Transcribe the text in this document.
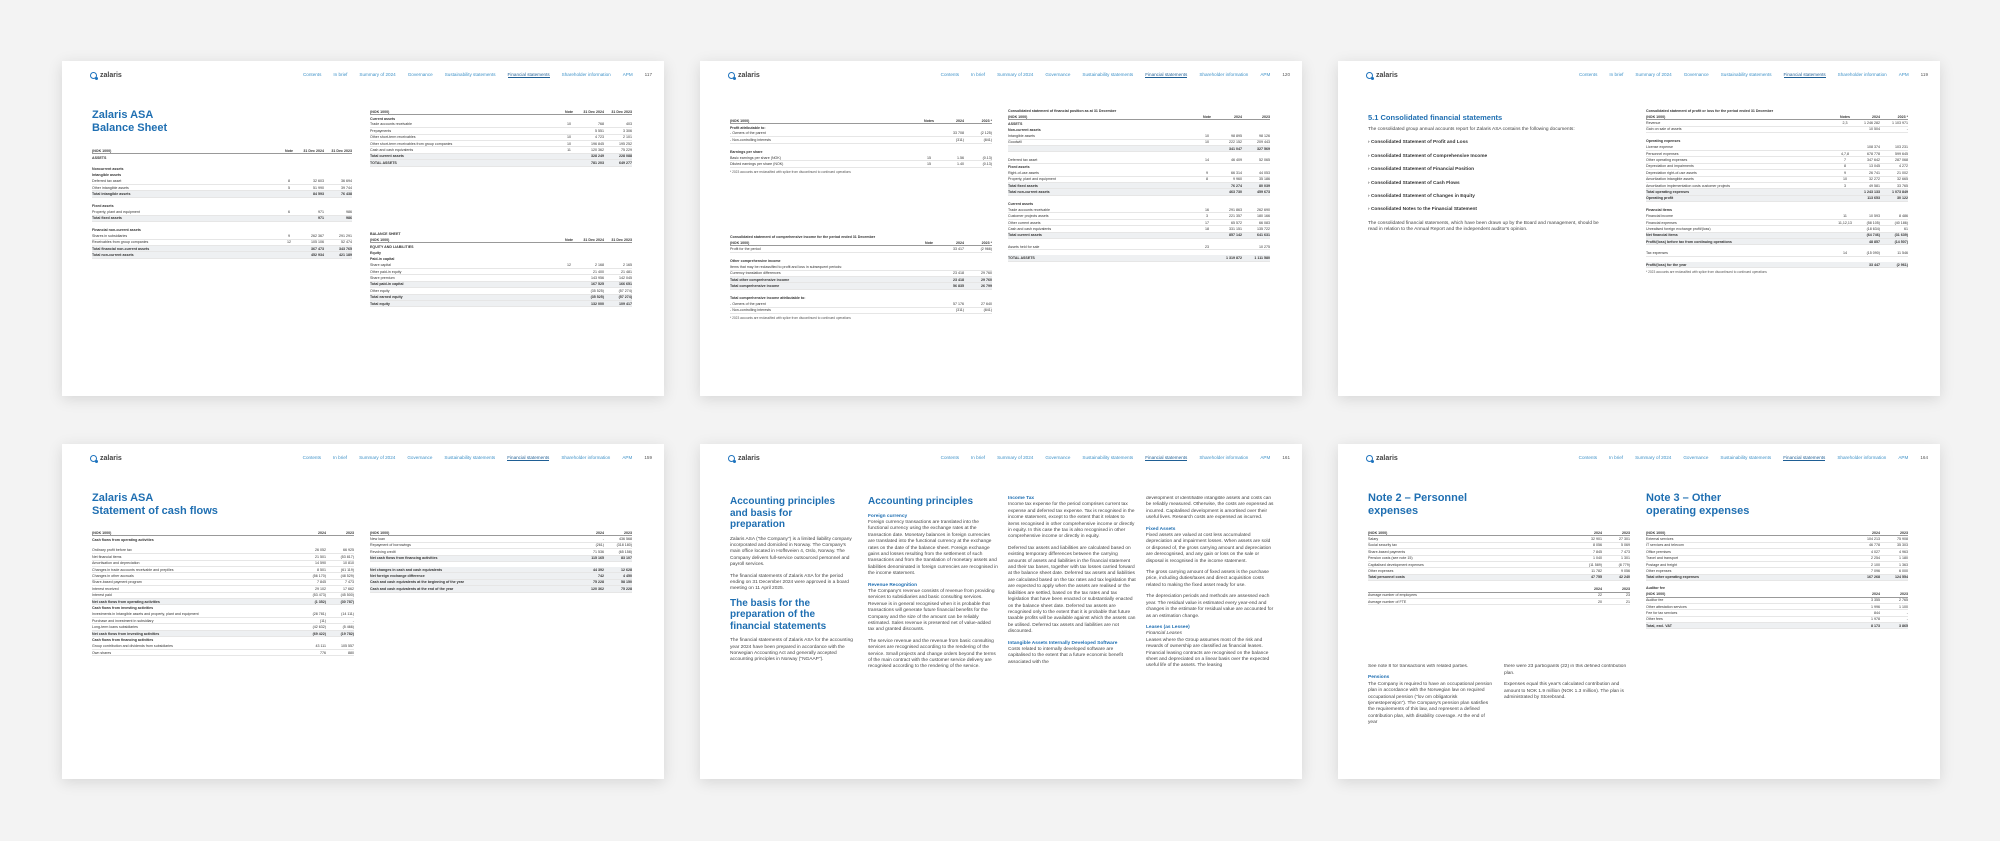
zalaris	Contents	In brief	Summary of 2024	Governance	Sustainability statements	Financial statements	Shareholder information	APM	117
Zalaris ASA
Balance Sheet
(NOK 1000)	Note	31 Dec 2024	31 Dec 2023
ASSETS
Noncurrent assets
Intangible assets
Deferred tax asset	8	32 603	36 694
Other intangible assets	5	51 990	39 744
Total intangible assets	84 593	76 438
Fixed assets
Property, plant and equipment	6	971	986
Total fixed assets	971	986
Financial non-current assets
Shares in subsidiaries	9	262 367	291 291
Receivables from group companies	12	105 106	52 474
Total financial non-current assets	367 473	343 765
Total non-current assets	452 934	421 189
(NOK 1000)	Note	31 Dec 2024	31 Dec 2023
Current assets
Trade accounts receivable	10	768	403
Prepayments	5 551	3 306
Other short-term receivables	10	4 723	2 101
Other short-term receivables from group companies	10	196 845	195 252
Cash and cash equivalents	11	120 362	75 229
Total current assets	328 249	228 088
TOTAL ASSETS	781 203	649 277
BALANCE SHEET
(NOK 1000)	Note	31 Dec 2024	31 Dec 2023
EQUITY AND LIABILITIES
Equity
Paid-in capital
Share capital	12	2 168	2 165
Other paid-in equity	21 400	21 481
Share premium	143 956	142 045
Total paid-in capital	167 525	166 651
Other equity	(35 525)	(57 274)
Total earned equity	(35 525)	(57 274)
Total equity	132 000	109 417
zalaris	Contents	In brief	Summary of 2024	Governance	Sustainability statements	Financial statements	Shareholder information	APM	120
(NOK 1000)	Notes	2024	2023 *
Profit attributable to:
- Owners of the parent	33 708	(2 125)
- Non-controlling interests	(311)	(841)
Earnings per share
Basic earnings per share (NOK)	15	1.56	(0.13)
Diluted earnings per share (NOK)	15	1.40	(0.13)
* 2023 accounts are reclassified with splice from discontinued to continued operations
Consolidated statement of comprehensive income for the period ended 31 December
(NOK 1000)	Note	2024	2023 *
Profit for the period	33 417	(2 966)
Other comprehensive income
Items that may be reclassified to profit and loss in subsequent periods:
Currency translation differences	23 418	29 760
Total other comprehensive income	23 418	29 760
Total comprehensive income	56 835	26 799
Total comprehensive income attributable to:
- Owners of the parent	57 176	27 640
- Non-controlling interests	(311)	(841)
* 2023 accounts are reclassified with splice from discontinued to continued operations
Consolidated statement of financial position as at 31 December
(NOK 1000)	Note	2024	2023
ASSETS
Non-current assets
Intangible assets	10	98 895	98 126
Goodwill	10	222 152	209 443
341 047	327 569
Deferred tax asset	14	46 409	52 065
Fixed assets
Right-of-use assets	9	66 314	44 053
Property, plant and equipment	8	9 960	35 186
Total fixed assets	76 274	80 039
Total non-current assets	463 730	459 673
Current assets
Trade accounts receivable	16	291 863	262 690
Customer projects assets	3	221 357	180 166
Other current assets	17	65 572	66 083
Cash and cash equivalents	18	331 151	135 722
Total current assets	857 142	641 631
Assets held for sale	23	10 275
TOTAL ASSETS	1 319 872	1 111 580
zalaris	Contents	In brief	Summary of 2024	Governance	Sustainability statements	Financial statements	Shareholder information	APM	119
5.1 Consolidated financial statements

The consolidated group annual accounts report for Zalaris ASA contains the following documents:

› Consolidated Statement of Profit and Loss
› Consolidated Statement of Comprehensive Income
› Consolidated Statement of Financial Position
› Consolidated Statement of Cash Flows
› Consolidated Statement of Changes in Equity
› Consolidated Notes to the Financial Statement

The consolidated financial statements, which have been drawn up by the Board and management, should be read in relation to the Annual Report and the independent auditor's opinion.

Consolidated statement of profit or loss for the period ended 31 December
(NOK 1000)	Notes	2024	2023 *
Revenue	2,3	1 246 282	1 103 971
Gain on sale of assets	10 504	-
Operating expenses
License expense	108 374	103 231
Personnel expenses	4,7,8	678 778	599 645
Other operating expenses	7	347 642	287 068
Depreciation and impairments	8	13 045	4 272
Depreciation right-of-use assets	9	26 741	21 002
Amortization intangible assets	10	32 272	32 665
Amortization implementation costs customer projects	3	49 581	33 765
Total operating expenses	1 243 133	1 073 849
Operating profit	113 653	30 122
Financial items
Financial income	11	10 593	8 486
Financial expenses	11,12,13	(58 105)	(40 186)
Unrealised foreign exchange profit/(loss)	(18 634)	61
Net financial items	(64 746)	(31 639)
Profit/(loss) before tax from continuing operations	48 857	(14 507)
Tax expenses	14	(15 090)	11 546
Profit/(loss) for the year	33 447	(2 961)
* 2023 accounts are reclassified with splice from discontinued to continued operations
zalaris	Contents	In brief	Summary of 2024	Governance	Sustainability statements	Financial statements	Shareholder information	APM	159
Zalaris ASA
Statement of cash flows
(NOK 1000)	2024	2023
Cash flows from operating activities
Ordinary profit before tax	26 052	66 925
Net financial items	21 501	(53 817)
Amortisation and depreciation	14 590	10 810
Changes in trade accounts receivable and prepilles	8 501	(61 119)
Changes in other accruals	(56 170)	(48 529)
Share-based payment program	7 845	7 473
Interest received	29 102	17 662
Interest paid	(53 473)	(45 500)
Net cash flows from operating activities	(1 352)	(30 787)
Cash flows from investing activities
Investments in Intangible assets and property, plant and equipment	(28 781)	(14 111)
Purchase and investment in subsidiary	(11)	-
Long-term loans subsidiaries	(42 632)	(5 466)
Net cash flows from investing activities	(69 422)	(19 782)
Cash flows from financing activities
Group contribution and dividends from subsidiaries	43 111	105 557
Own shares	776	880
(NOK 1000)	2024	2023
New loan	-	436 568
Repayment of borrowings	(261)	(318 180)
Revolving credit	71 536	(65 158)
Net cash flows from financing activities	115 165	83 107
Net changes in cash and cash equivalents	44 392	12 628
Net foreign exchange difference	742	4 450
Cash and cash equivalents at the beginning of the year	75 228	58 150
Cash and cash equivalents at the end of the year	120 362	75 228
zalaris	Contents	In brief	Summary of 2024	Governance	Sustainability statements	Financial statements	Shareholder information	APM	161
Accounting principles
and basis for
preparation

Zalaris ASA ("the Company") is a limited liability company incorporated and domiciled in Norway. The Company's main office located in Hoffsveien 4, Oslo, Norway. The Company delivers full-service outsourced personnel and payroll services.

The financial statements of Zalaris ASA for the period ending on 31 December 2024 were approved in a board meeting on 11 April 2025.

The basis for the
preparation of the
financial statements

The financial statements of Zalaris ASA for the accounting year 2024 have been prepared in accordance with the Norwegian Accounting Act and generally accepted accounting principles in Norway ("NGAAP").

Accounting principles
Foreign currency

Foreign currency transactions are translated into the functional currency using the exchange rates at the transaction date. Monetary balances in foreign currencies are translated into the functional currency at the exchange rates on the date of the balance sheet. Foreign exchange gains and losses resulting from the settlement of such transactions and from the translation of monetary assets and liabilities denominated in foreign currencies are recognised in the income statement.

Revenue Recognition

The Company's revenue consists of revenue from providing services to subsidiaries and basic consulting services. Revenue is in general recognised when it is probable that transactions will generate future financial benefits for the Company and the size of the amount can be reliably estimated. Sales revenue is presented net of value-added tax and granted discounts.

The service revenue and the revenue from basic consulting services are recognised according to the rendering of the service. Small projects and change orders beyond the terms of the main contract with the customer service delivery are recognised according to the rendering of the service.

Income Tax

Income tax expense for the period comprises current tax expense and deferred tax expense. Tax is recognised in the income statement, except to the extent that it relates to items recognised in other comprehensive income or directly in equity. In this case the tax is also recognised in other comprehensive income or directly in equity.

Deferred tax assets and liabilities are calculated based on existing temporary differences between the carrying amounts of assets and liabilities in the financial statement and their tax bases, together with tax losses carried forward at the balance sheet date. Deferred tax assets and liabilities are calculated based on the tax rates and tax legislation that are expected to apply when the assets are realised or the liabilities are settled, based on the tax rates and tax legislation that have been enacted or substantially enacted on the balance sheet date. Deferred tax assets are recognised only to the extent that it is probable that future taxable profits will be available against which the assets can be utilised. Deferred tax assets and liabilities are not discounted.

Intangible Assets Internally Developed Software

Costs related to internally developed software are capitalised to the extent that a future economic benefit associated with the

development of identifiable intangible assets and costs can be reliably measured. Otherwise, the costs are expensed as incurred. Capitalised development is amortised over their useful lives. Research costs are expensed as incurred.

Fixed Assets

Fixed assets are valued at cost less accumulated depreciation and impairment losses. When assets are sold or disposed of, the gross carrying amount and depreciation are derecognised, and any gain or loss on the sale or disposal is recognised in the income statement.

The gross carrying amount of fixed assets is the purchase price, including duties/taxes and direct acquisition costs related to making the fixed asset ready for use.

The depreciation periods and methods are assessed each year. The residual value is estimated every year-end and changes in the estimate for residual value are accounted for as an estimation change.

Leases (as Lessee)
Financial Leases

Leases where the Group assumes most of the risk and rewards of ownership are classified as financial leases. Financial leasing contracts are recognised on the balance sheet and depreciated on a linear basis over the expected useful life of the assets. The leasing

zalaris	Contents	In brief	Summary of 2024	Governance	Sustainability statements	Financial statements	Shareholder information	APM	164
Note 2 – Personnel
expenses
(NOK 1000)	2024	2023
Salary	32 901	27 301
Social security tax	8 056	5 069
Share-based payments	7 845	7 473
Pension costs (see note 15)	1 040	1 301
Capitalised development expenses	(11 589)	(8 779)
Other expenses	11 782	9 056
Total personnel costs	47 755	42 240
2024	2023
Average number of employees	22	23
Average number of FTE	20	21

See note 8 for transactions with related parties.

Pensions

The Company is required to have an occupational pension plan in accordance with the Norwegian law on required occupational pension ("lov om obligatorisk tjenestepensjon"). The Company's pension plan satisfies the requirements of this law, and represent a defined contribution plan, with disability coverage. At the end of year

there were 23 participants (22) in this defined contribution plan.

Expenses equal this year's calculated contribution and amount to NOK 1.9 million (NOK 1.3 million). The plan is administrated by Storebrand.

Note 3 – Other
operating expenses
(NOK 1000)	2024	2023
External services	104 213	75 908
IT services and telecom	46 778	35 303
Office premises	4 027	4 963
Travel and transport	2 254	1 180
Postage and freight	2 100	1 363
Other expenses	7 096	6 000
Total other operating expenses	167 268	124 554
Auditor fee
(NOK 1000)	2024	2023
Auditor fee	3 355	2 765
Other attestation services	1 996	1 100
Fee for tax services	844	-
Other fees	1 978	-
Total, excl. VAT	8 173	3 865
